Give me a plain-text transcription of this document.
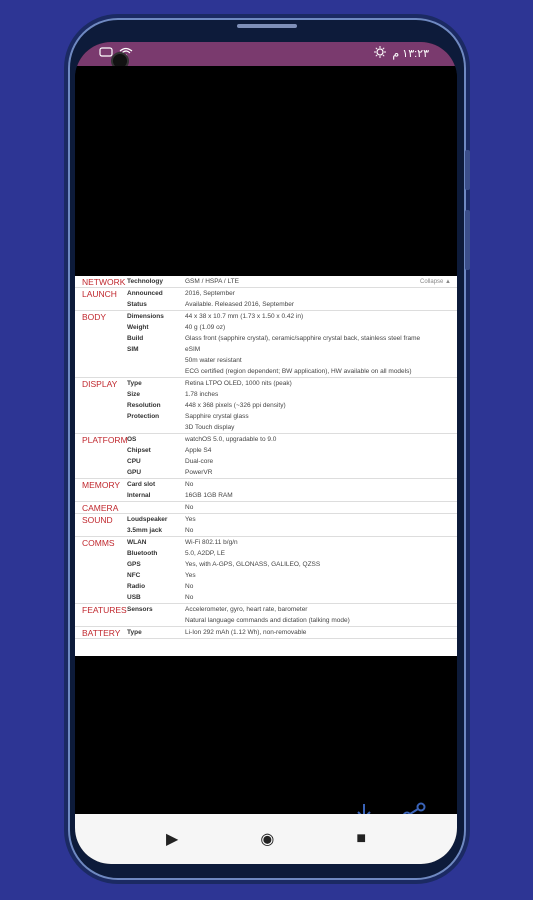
١٣:٢٣ م
Collapse ▲
NETWORK Technology	GSM / HSPA / LTE
LAUNCH Announced	2016, September
Status	Available. Released 2016, September
BODY	Dimensions	44 x 38 x 10.7 mm (1.73 x 1.50 x 0.42 in)
Weight	40 g (1.09 oz)
Build	Glass front (sapphire crystal), ceramic/sapphire crystal back, stainless steel frame
SIM	eSIM
50m water resistant
ECG certified (region dependent; BW application), HW available on all models)
DISPLAY Type	Retina LTPO OLED, 1000 nits (peak)
Size	1.78 inches
Resolution	448 x 368 pixels (~326 ppi density)
Protection	Sapphire crystal glass
3D Touch display
PLATFORM OS	watchOS 5.0, upgradable to 9.0
Chipset	Apple S4
CPU	Dual-core
GPU	PowerVR
MEMORY Card slot	No
Internal	16GB 1GB RAM
CAMERA	No
SOUND Loudspeaker	Yes
3.5mm jack	No
COMMS WLAN	Wi-Fi 802.11 b/g/n
Bluetooth	5.0, A2DP, LE
GPS	Yes, with A-GPS, GLONASS, GALILEO, QZSS
NFC	Yes
Radio	No
USB	No
FEATURES Sensors	Accelerometer, gyro, heart rate, barometer
Natural language commands and dictation (talking mode)
BATTERY Type	Li-Ion 292 mAh (1.12 Wh), non-removable
▶	◉	■
